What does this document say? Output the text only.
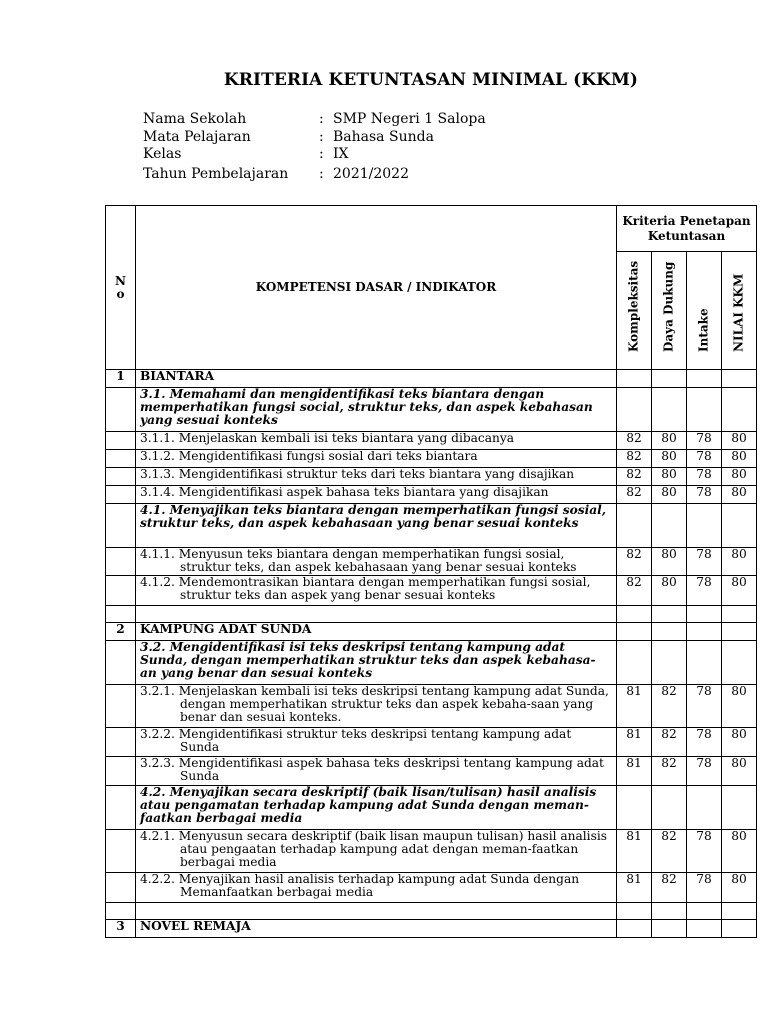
KRITERIA KETUNTASAN MINIMAL (KKM)
Nama Sekolah	: SMP Negeri 1 Salopa
Mata Pelajaran	: Bahasa Sunda
Kelas	: IX
Tahun Pembelajaran : 2021/2022
N o	KOMPETENSI DASAR / INDIKATOR	Kriteria Penetapan Ketuntasan			

		Kompleksitas	Daya Dukung	Intake	NILAI KKM

1	BIANTARA				
	3.1. Memahami dan mengidentifikasi teks biantara dengan memperhatikan fungsi social, struktur teks, dan aspek kebahasan yang sesuai konteks				
	3.1.1. Menjelaskan kembali isi teks biantara yang dibacanya	82	80	78	80
	3.1.2. Mengidentifikasi fungsi sosial dari teks biantara	82	80	78	80
	3.1.3. Mengidentifikasi struktur teks dari teks biantara yang disajikan	82	80	78	80
	3.1.4. Mengidentifikasi aspek bahasa teks biantara yang disajikan	82	80	78	80
	4.1. Menyajikan teks biantara dengan memperhatikan fungsi sosial, struktur teks, dan aspek kebahasaan yang benar sesuai konteks				
	4.1.1. Menyusun teks biantara dengan memperhatikan fungsi sosial, struktur teks, dan aspek kebahasaan yang benar sesuai konteks	82	80	78	80
	4.1.2. Mendemontrasikan biantara dengan memperhatikan fungsi sosial, struktur teks dan aspek yang benar sesuai konteks	82	80	78	80

2	KAMPUNG ADAT SUNDA				
	3.2. Mengidentifikasi isi teks deskripsi tentang kampung adat Sunda, dengan memperhatikan struktur teks dan aspek kebahasa-an yang benar dan sesuai konteks				
	3.2.1. Menjelaskan kembali isi teks deskripsi tentang kampung adat Sunda, dengan memperhatikan struktur teks dan aspek kebaha-saan yang benar dan sesuai konteks.	81	82	78	80
	3.2.2. Mengidentifikasi struktur teks deskripsi tentang kampung adat Sunda	81	82	78	80
	3.2.3. Mengidentifikasi aspek bahasa teks deskripsi tentang kampung adat Sunda	81	82	78	80
	4.2. Menyajikan secara deskriptif (baik lisan/tulisan) hasil analisis atau pengamatan terhadap kampung adat Sunda dengan meman-faatkan berbagai media				
	4.2.1. Menyusun secara deskriptif (baik lisan maupun tulisan) hasil analisis atau pengaatan terhadap kampung adat dengan meman-faatkan berbagai media	81	82	78	80
	4.2.2. Menyajikan hasil analisis terhadap kampung adat Sunda dengan Memanfaatkan berbagai media	81	82	78	80

3	NOVEL REMAJA				
